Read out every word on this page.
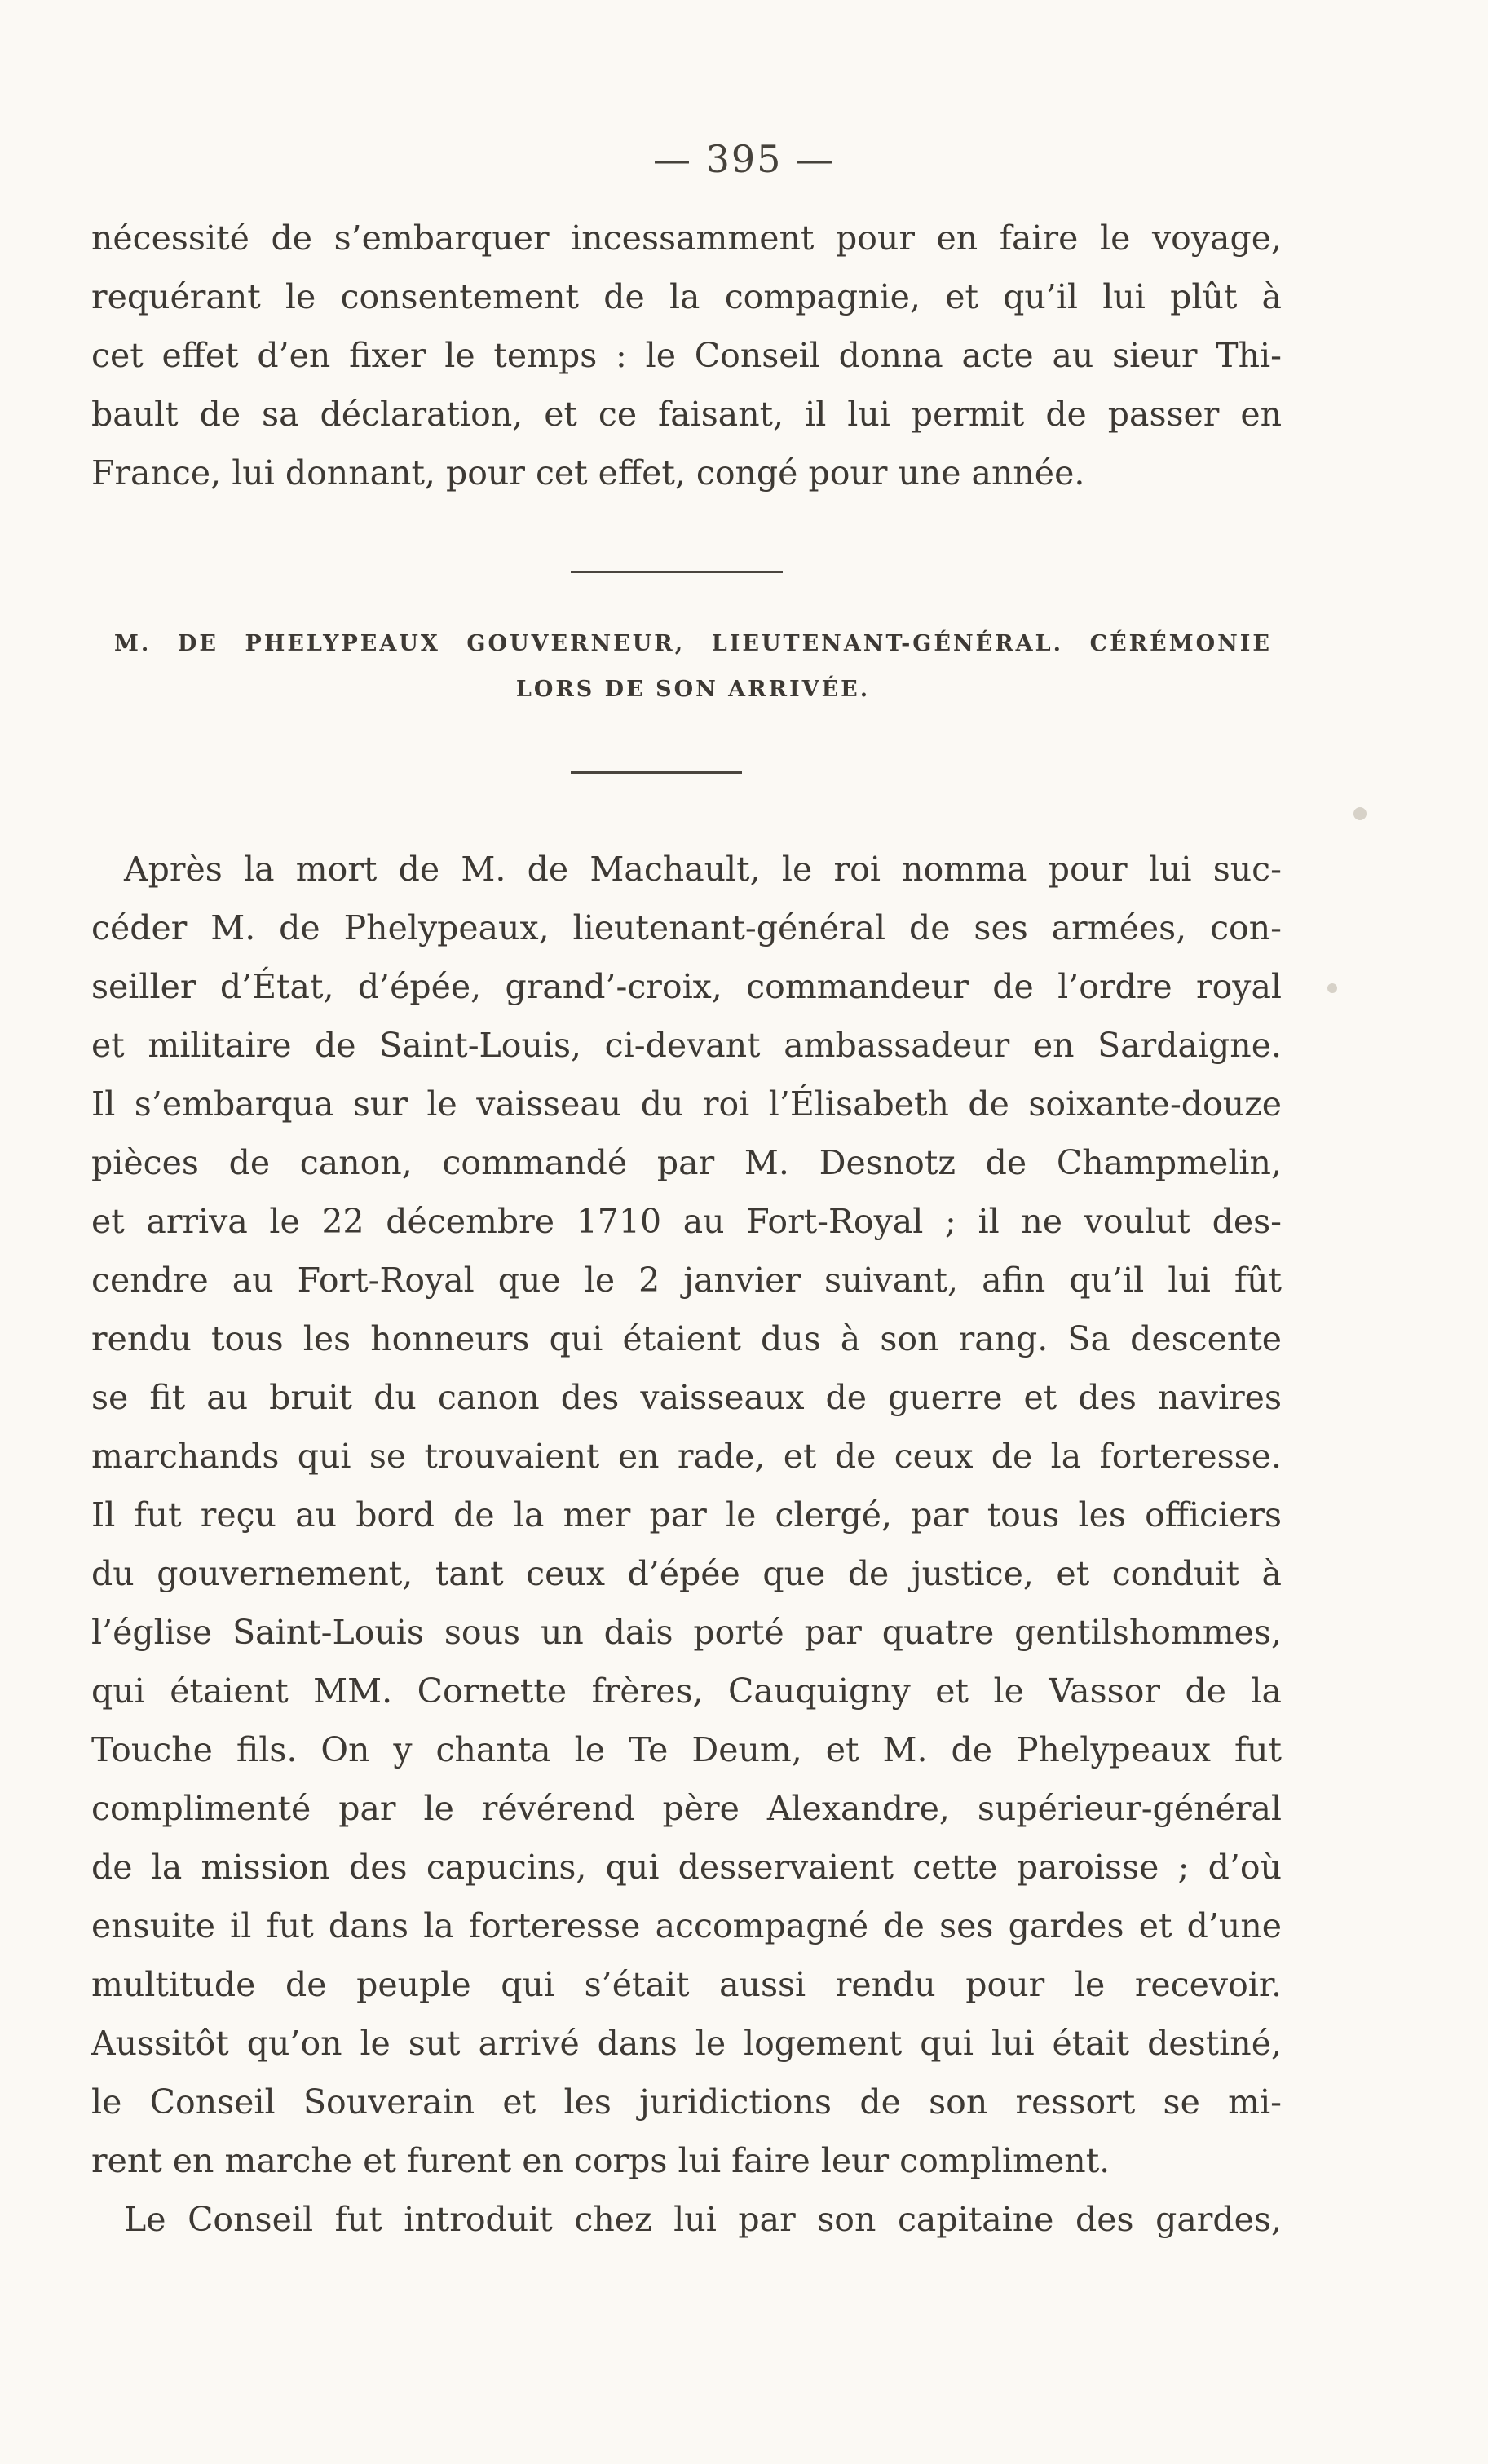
— 395 —
nécessité de s’embarquer incessamment pour en faire le voyage,
requérant le consentement de la compagnie, et qu’il lui plût à
cet effet d’en fixer le temps : le Conseil donna acte au sieur Thi-
bault de sa déclaration, et ce faisant, il lui permit de passer en
France, lui donnant, pour cet effet, congé pour une année.
M. DE PHELYPEAUX GOUVERNEUR, LIEUTENANT-GÉNÉRAL. CÉRÉMONIE
LORS DE SON ARRIVÉE.
Après la mort de M. de Machault, le roi nomma pour lui suc-
céder M. de Phelypeaux, lieutenant-général de ses armées, con-
seiller d’État, d’épée, grand’-croix, commandeur de l’ordre royal
et militaire de Saint-Louis, ci-devant ambassadeur en Sardaigne.
Il s’embarqua sur le vaisseau du roi l’Élisabeth de soixante-douze
pièces de canon, commandé par M. Desnotz de Champmelin,
et arriva le 22 décembre 1710 au Fort-Royal ; il ne voulut des-
cendre au Fort-Royal que le 2 janvier suivant, afin qu’il lui fût
rendu tous les honneurs qui étaient dus à son rang. Sa descente
se fit au bruit du canon des vaisseaux de guerre et des navires
marchands qui se trouvaient en rade, et de ceux de la forteresse.
Il fut reçu au bord de la mer par le clergé, par tous les officiers
du gouvernement, tant ceux d’épée que de justice, et conduit à
l’église Saint-Louis sous un dais porté par quatre gentilshommes,
qui étaient MM. Cornette frères, Cauquigny et le Vassor de la
Touche fils. On y chanta le Te Deum, et M. de Phelypeaux fut
complimenté par le révérend père Alexandre, supérieur-général
de la mission des capucins, qui desservaient cette paroisse ; d’où
ensuite il fut dans la forteresse accompagné de ses gardes et d’une
multitude de peuple qui s’était aussi rendu pour le recevoir.
Aussitôt qu’on le sut arrivé dans le logement qui lui était destiné,
le Conseil Souverain et les juridictions de son ressort se mi-
rent en marche et furent en corps lui faire leur compliment.
Le Conseil fut introduit chez lui par son capitaine des gardes,
